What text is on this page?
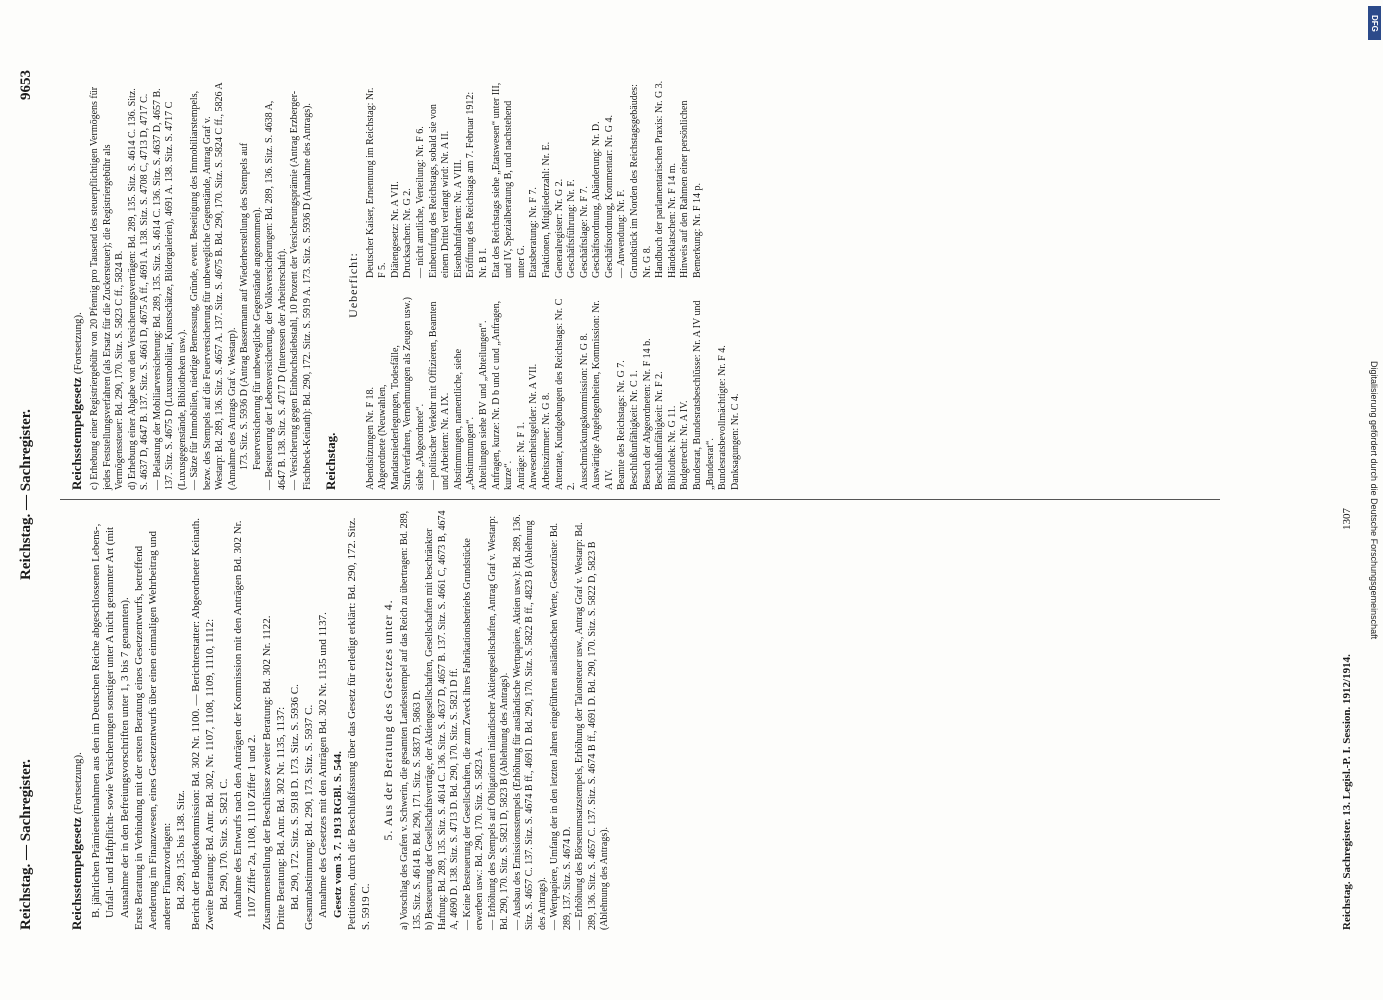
Reichstag. — Sachregister.
Reichstag. — Sachregister.
9653
Reichsstempelgesetz (Fortsetzung). B. jährlichen Prämieneinnahmen aus den im Deutschen Reiche abgeschlossenen Lebens-, Unfall- und Haftpflicht- sowie Versicherungen sonstiger unter A nicht genannter Art (mit Ausnahme der in den Befreiungsvorschriften unter 1, 3 bis 7 genannten). Erste Beratung in Verbindung mit der ersten Beratung eines Gesetzentwurfs, betreffend Aenderung im Finanzwesen, eines Gesetzentwurfs über einen einmaligen Wehrbeitrag und anderer Finanzvorlagen: Bd. 289, 135. bis 138. Sitz. Bericht der Budgetkommission: Bd. 302 Nr. 1100. — Berichterstatter: Abgeordneter Keinath. Zweite Beratung: Bd. Antr. Bd. 302, Nr. 1107, 1108, 1109, 1110, 1112: Bd. 290, 170. Sitz. S. 5821 C. Annahme des Entwurfs nach den Anträgen der Kommission mit den Anträgen Bd. 302 Nr. 1107 Ziffer 2a, 1108, 1110 Ziffer 1 und 2. Zusammenstellung der Beschlüsse zweiter Beratung: Bd. 302 Nr. 1122. Dritte Beratung: Bd. Antr. Bd. 302 Nr. 1135, 1137: Bd. 290, 172. Sitz. S. 5918 D. 173. Sitz. S. 5936 C. Gesamtabstimmung: Bd. 290, 173. Sitz. S. 5937 C. Annahme des Gesetzes mit den Anträgen Bd. 302 Nr. 1135 und 1137. Gesetz vom 3. 7. 1913 RGBl. S. 544. Petitionen, durch die Beschlußfassung über das Gesetz für erledigt erklärt: Bd. 290, 172. Sitz. S. 5919 C.

5. Aus der Beratung des Gesetzes unter 4. a) Vorschlag des Grafen v. Schwerin, die gesamten Landesstempel auf das Reich zu übertragen: Bd. 289, 135. Sitz. S. 4614 B. Bd. 290, 171. Sitz. S. 5837 D, 5863 D. b) Besteuerung der Gesellschaftsverträge, der Aktiengesellschaften, Gesellschaften mit beschränkter Haftung: Bd. 289, 135. Sitz. S. 4614 C. 136. Sitz. S. 4637 D, 4657 B. 137. Sitz. S. 4661 C, 4673 B, 4674 A, 4690 D. 138. Sitz. S. 4713 D. Bd. 290, 170. Sitz. S. 5821 D ff. — Keine Besteuerung der Gesellschaften, die zum Zweck ihres Fabrikationsbetriebs Grundstücke erwerben usw.: Bd. 290, 170. Sitz. S. 5823 A. — Erhöhung des Stempels auf Obligationen inländischer Aktiengesellschaften, Antrag Graf v. Westarp: Bd. 290, 170. Sitz. S. 5821 D, 5823 B (Ablehnung des Antrags). — Ausbau des Emissionsstempels (Erhöhung für ausländische Wertpapiere, Aktien usw.): Bd. 289, 136. Sitz. S. 4657 C. 137. Sitz. S. 4674 B ff., 4691 D. Bd. 290, 170. Sitz. S. 5822 B ff., 4823 B (Ablehnung des Antrags). — Wertpapiere, Umfang der in den letzten Jahren eingeführten ausländischen Werte, Gesetztüste: Bd. 289, 137. Sitz. S. 4674 D. — Erhöhung des Börsenumsatzstempels, Erhöhung der Talonsteuer usw., Antrag Graf v. Westarp: Bd. 289, 136. Sitz. S. 4657 C. 137. Sitz. S. 4674 B ff., 4691 D. Bd. 290, 170. Sitz. S. 5822 D, 5823 B (Ablehnung des Antrags).

Reichsstempelgesetz (Fortsetzung). c) Erhebung einer Registriergebühr von 20 Pfennig pro Tausend des steuerpflichtigen Vermögens für jedes Feststellungsverfahren (als Ersatz für die Zuckersteuer); die Registriergebühr als Vermögenssteuer: Bd. 290, 170. Sitz. S. 5823 C ff., 5824 B. d) Erhebung einer Abgabe von den Versicherungsverträgen: Bd. 289, 135. Sitz. S. 4614 C. 136. Sitz. S. 4637 D, 4647 B. 137. Sitz. S. 4661 D, 4675 A ff., 4691 A. 138. Sitz. S. 4708 C, 4713 D, 4717 C. — Belastung der Mobiliarversicherung: Bd. 289, 135. Sitz. S. 4614 C. 136. Sitz. S. 4637 D, 4657 B. 137. Sitz. S. 4675 D (Luxusmobiliar, Kunstschätze, Bildergalerien), 4691 A. 138. Sitz. S. 4717 C (Luxusgegenstände, Bibliotheken usw.). — Sätze für Immobilien, niedrige Bemessung, Gründe, event. Beseitigung des Immobiliarstempels, bezw. des Stempels auf die Feuerversicherung für unbewegliche Gegenstände, Antrag Graf v. Westarp: Bd. 289, 136. Sitz. S. 4657 A. 137. Sitz. S. 4675 B. Bd. 290, 170. Sitz. S. 5824 C ff., 5826 A (Annahme des Antrags Graf v. Westarp). 173. Sitz. S. 5936 D (Antrag Bassermann auf Wiederherstellung des Stempels auf Feuerversicherung für unbewegliche Gegenstände angenommen). — Besteuerung der Lebensversicherung, der Volksversicherungen: Bd. 289, 136. Sitz. S. 4638 A, 4647 B. 138. Sitz. S. 4717 D (Interessen der Arbeiterschaft). — Versicherung gegen Einbruchsdiebstahl, 10 Prozent der Versicherungsprämie (Antrag Erzberger-Fischbeck-Keinath): Bd. 290, 172. Sitz. S. 5919 A. 173. Sitz. S. 5936 D (Annahme des Antrags). Reichstag.
Ueberficht:
Abendsitzungen Nr. F 18. Abgeordnete (Neuwahlen, Mandatsniederlegungen, Todesfälle, Strafverfahren, Vernehmungen als Zeugen usw.) siehe „Abgeordnete“. — politischer Verkehr mit Offizieren, Beamten und Arbeitern: Nr. A IX. Abstimmungen, namentliche, siehe „Abstimmungen“. Abteilungen siehe BV und „Abteilungen“. Anfragen, kurze: Nr. D b und c und „Anfragen, kurze“. Anträge: Nr. F 1. Anwesenheitsgelder: Nr. A VII. Arbeitszimmer: Nr. G 8. Attentate, Kundgebungen des Reichstags: Nr. C 2. Ausschmückungskommission: Nr. G 8. Auswärtige Angelegenheiten, Kommission: Nr. A IV. Beamte des Reichstags: Nr. G 7. Beschlußunfähigkeit: Nr. C 1. Besuch der Abgeordneten: Nr. F 14 b. Beschlußunfähigkeit: Nr. F 2. Bibliothek: Nr. G 11. Budgetrecht: Nr. A IV. Bundesrat, Bundesratsbeschlüsse: Nr. A IV und „Bundesrat“. Bundesratsbevollmächtigte: Nr. F 4. Danksagungen: Nr. C 4.
Deutscher Kaiser, Ernennung im Reichstag: Nr. F 5. Diätengesetz: Nr. A VII. Drucksachen: Nr. G 2. — nicht amtliche, Verteilung: Nr. F 6. Einberufung des Reichstags, sobald sie von einem Drittel verlangt wird: Nr. A II. Eisenbahnfahrten: Nr. A VIII. Eröffnung des Reichstags am 7. Februar 1912: Nr. B I. Etat des Reichstags siehe „Etatswesen“ unter III, und IV, Spezialberatung B, und nachstehend unter G. Etatsberatung: Nr. F 7. Fraktionen, Mitgliederzahl: Nr. E. Generalregister: Nr. G 2. Geschäftsführung: Nr. F. Geschäftslage: Nr. F 7. Geschäftsordnung, Abänderung: Nr. D. Geschäftsordnung, Kommentar: Nr. G 4. — Anwendung: Nr. F. Grundstück im Norden des Reichstagsgebäudes: Nr. G 8. Handbuch der parlamentarischen Praxis: Nr. G 3. Händeklatschen: Nr. F 14 m. Hinweis auf den Rahmen einer persönlichen Bemerkung: Nr. F 14 p.
Reichstag. Sachregister. 13. Legisl.-P. I. Session. 1912/1914.
1307 Digitalisierung gefördert durch die Deutsche Forschungsgemeinschaft
DFG
